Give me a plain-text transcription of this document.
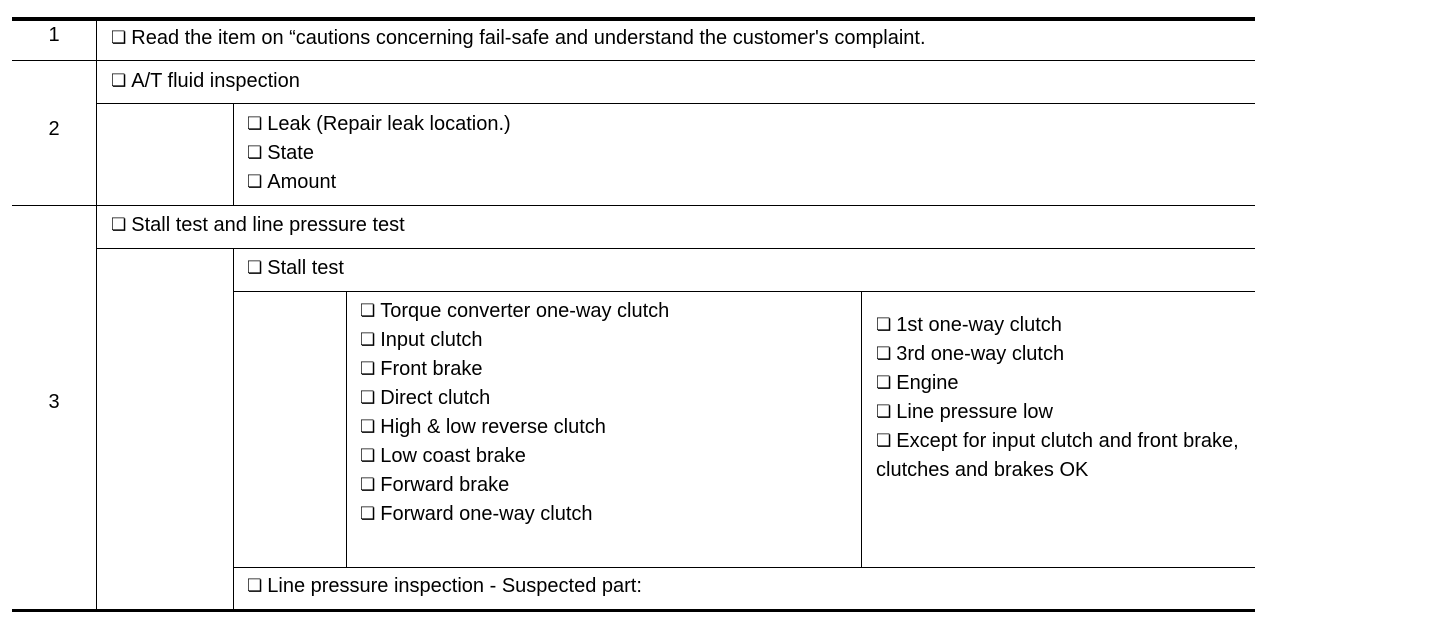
1	❏ Read the item on “cautions concerning fail-safe and understand the customer's complaint.
2
❏ A/T fluid inspection
❏ Leak (Repair leak location.)
❏ State
❏ Amount
3
❏ Stall test and line pressure test
❏ Stall test
❏ Torque converter one-way clutch
❏ Input clutch
❏ Front brake
❏ Direct clutch
❏ High & low reverse clutch
❏ Low coast brake
❏ Forward brake
❏ Forward one-way clutch
❏ 1st one-way clutch
❏ 3rd one-way clutch
❏ Engine
❏ Line pressure low
❏ Except for input clutch and front brake, clutches and brakes OK
❏ Line pressure inspection - Suspected part:
